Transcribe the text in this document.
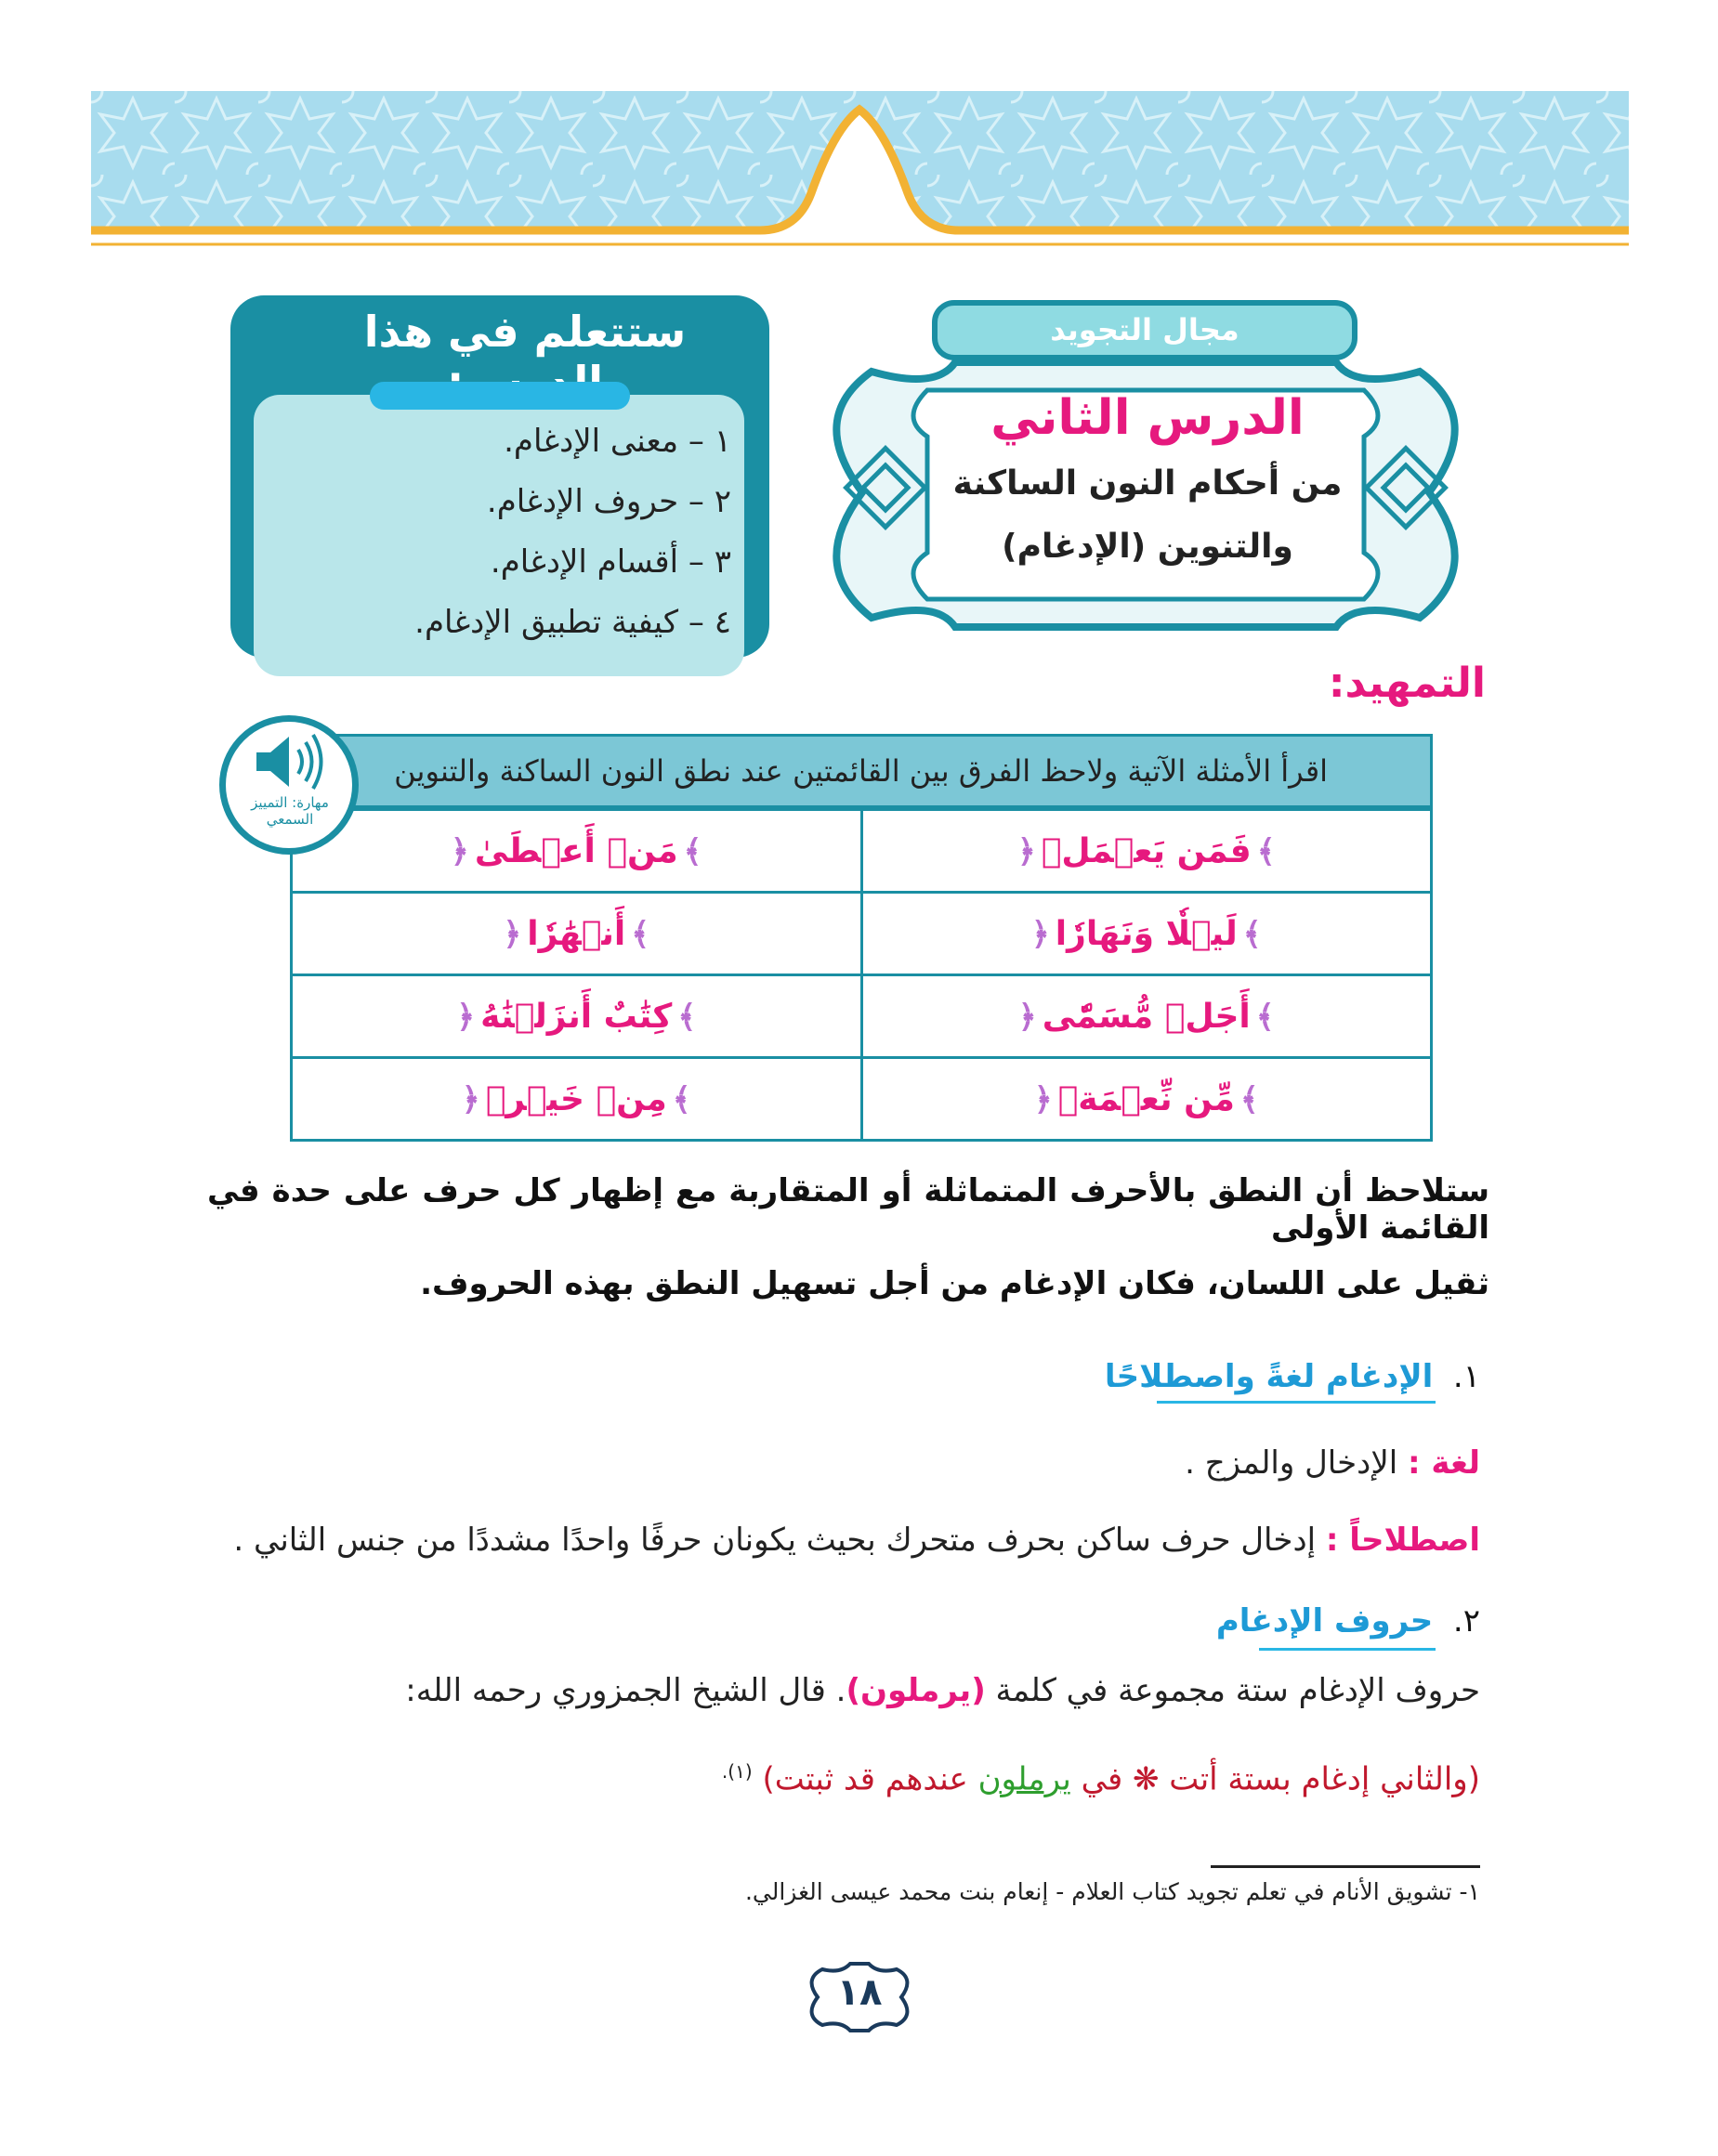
ستتعلم في هذا
١ – معنى الإدغام.
٢ – حروف الإدغام.
٣ – أقسام الإدغام.
٤ – كيفية تطبيق الإدغام.
مجال التجويد
الدرس الثاني
من أحكام النون الساكنة
والتنوين (الإدغام)
التمهيد:
اقرأ الأمثلة الآتية ولاحظ الفرق بين القائمتين عند نطق النون الساكنة والتنوين
﴾فَمَن يَعۡمَلۡ﴿	﴾مَنۡ أَعۡطَىٰ﴿
﴾لَيۡلٗا وَنَهَارٗا﴿	﴾أَنۡهَٰرٗا﴿
﴾أَجَلٖ مُّسَمّٗى﴿	﴾كِتَٰبٌ أَنزَلۡنَٰهُ﴿
﴾مِّن نِّعۡمَةٖ﴿	﴾مِنۡ خَيۡرٖ﴿
مهارة: التمييز السمعي
ستلاحظ أن النطق بالأحرف المتماثلة أو المتقاربة مع إظهار كل حرف على حدة في القائمة الأولى
ثقيل على اللسان، فكان الإدغام من أجل تسهيل النطق بهذه الحروف.
١.  الإدغام لغةً واصطلاحًا
لغة : الإدخال والمزج .
اصطلاحاً : إدخال حرف ساكن بحرف متحرك بحيث يكونان حرفًا واحدًا مشددًا من جنس الثاني .
٢.  حروف الإدغام
حروف الإدغام ستة مجموعة في كلمة (يرملون). قال الشيخ الجمزوري رحمه الله:
(والثاني إدغام بستة أتت ❋ في يرملون عندهم قد ثبتت) $^{(١).}$
١- تشويق الأنام في تعلم تجويد كتاب العلام - إنعام بنت محمد عيسى الغزالي.
١٨
